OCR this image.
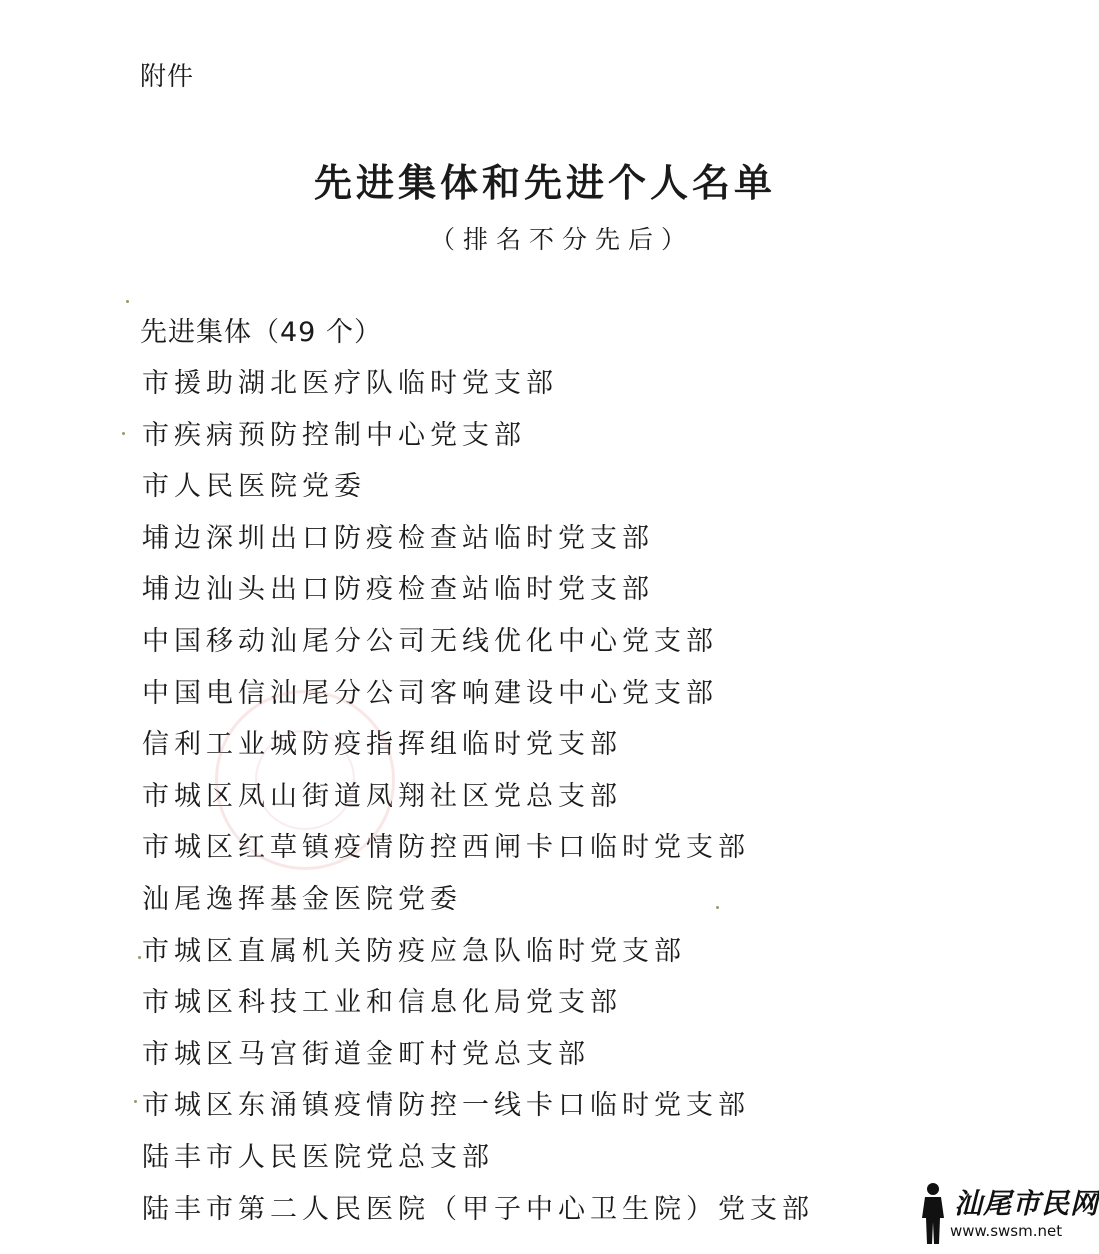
附件
先进集体和先进个人名单
（排名不分先后）
先进集体（49 个）
市援助湖北医疗队临时党支部
市疾病预防控制中心党支部
市人民医院党委
埔边深圳出口防疫检查站临时党支部
埔边汕头出口防疫检查站临时党支部
中国移动汕尾分公司无线优化中心党支部
中国电信汕尾分公司客响建设中心党支部
信利工业城防疫指挥组临时党支部
市城区凤山街道凤翔社区党总支部
市城区红草镇疫情防控西闸卡口临时党支部
汕尾逸挥基金医院党委
市城区直属机关防疫应急队临时党支部
市城区科技工业和信息化局党支部
市城区马宫街道金町村党总支部
市城区东涌镇疫情防控一线卡口临时党支部
陆丰市人民医院党总支部
陆丰市第二人民医院（甲子中心卫生院）党支部	汕尾市民网
www.swsm.net
